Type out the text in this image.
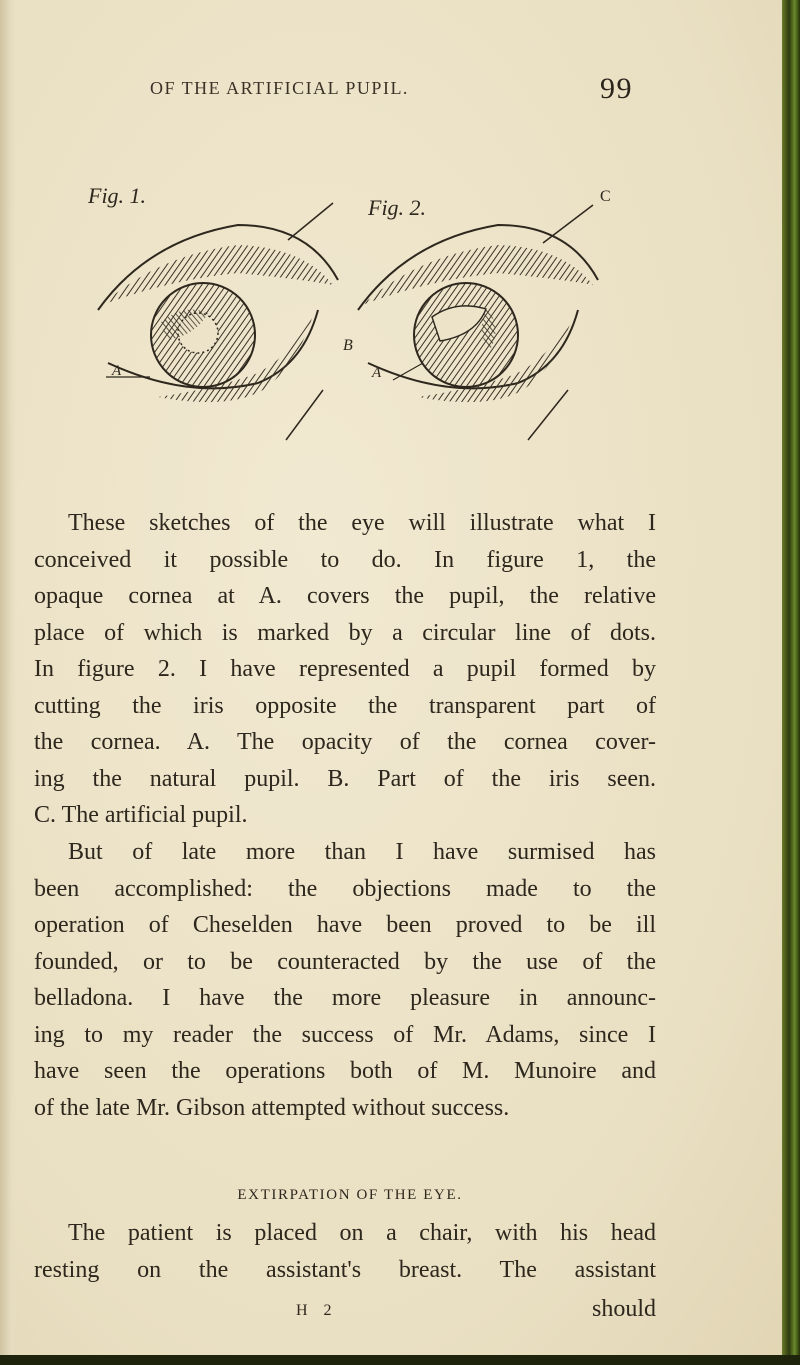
OF THE ARTIFICIAL PUPIL.	99
Fig. 1.
A
Fig. 2.	C
B
A
These sketches of the eye will illustrate what I
conceived it possible to do. In figure 1, the
opaque cornea at A. covers the pupil, the relative
place of which is marked by a circular line of dots.
In figure 2. I have represented a pupil formed by
cutting the iris opposite the transparent part of
the cornea. A. The opacity of the cornea cover-
ing the natural pupil. B. Part of the iris seen.
C. The artificial pupil.
But of late more than I have surmised has
been accomplished: the objections made to the
operation of Cheselden have been proved to be ill
founded, or to be counteracted by the use of the
belladona. I have the more pleasure in announc-
ing to my reader the success of Mr. Adams, since I
have seen the operations both of M. Munoire and
of the late Mr. Gibson attempted without success.
EXTIRPATION OF THE EYE.
The patient is placed on a chair, with his head
resting on the assistant's breast. The assistant
H 2	should
